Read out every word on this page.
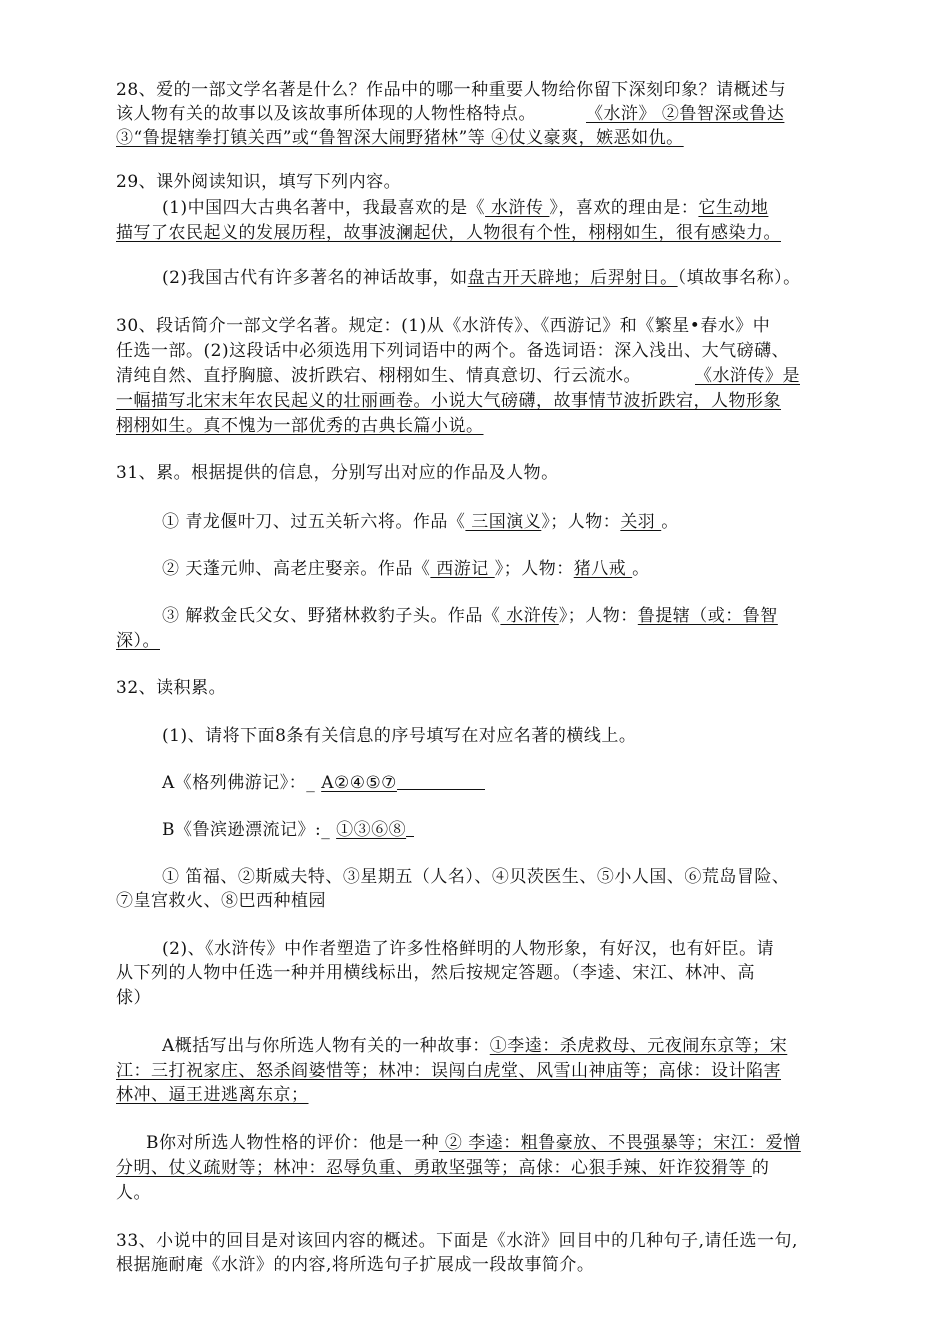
28、爱的一部文学名著是什么？作品中的哪一种重要人物给你留下深刻印象？请概述与
该人物有关的故事以及该故事所体现的人物性格特点。	《水浒》 ②鲁智深或鲁达
③“鲁提辖拳打镇关西”或“鲁智深大闹野猪林”等 ④仗义豪爽，嫉恶如仇。
29、课外阅读知识，填写下列内容。
(1)中国四大古典名著中，我最喜欢的是《 水浒传 》，喜欢的理由是：它生动地
描写了农民起义的发展历程，故事波澜起伏，人物很有个性，栩栩如生，很有感染力。
(2)我国古代有许多著名的神话故事，如盘古开天辟地；后羿射日。（填故事名称）。
30、段话简介一部文学名著。规定：(1)从《水浒传》、《西游记》和《繁星•春水》中
任选一部。(2)这段话中必须选用下列词语中的两个。备选词语：深入浅出、大气磅礴、
清纯自然、直抒胸臆、波折跌宕、栩栩如生、情真意切、行云流水。	《水浒传》是
一幅描写北宋末年农民起义的壮丽画卷。小说大气磅礴，故事情节波折跌宕，人物形象
栩栩如生。真不愧为一部优秀的古典长篇小说。
31、累。根据提供的信息，分别写出对应的作品及人物。
① 青龙偃叶刀、过五关斩六将。作品《 三国演义》；人物：关羽 。
② 天蓬元帅、高老庄娶亲。作品《 西游记 》；人物：猪八戒 。
③ 解救金氏父女、野猪林救豹子头。作品《 水浒传》；人物：鲁提辖（或：鲁智
深）。
32、读积累。
(1)、请将下面8条有关信息的序号填写在对应名著的横线上。
A《格列佛游记》：_ A②④⑤⑦
B《鲁滨逊漂流记》:_ ①③⑥⑧
① 笛福、②斯威夫特、③星期五（人名）、④贝茨医生、⑤小人国、⑥荒岛冒险、
⑦皇宫救火、⑧巴西种植园
(2)、《水浒传》中作者塑造了许多性格鲜明的人物形象，有好汉，也有奸臣。请
从下列的人物中任选一种并用横线标出，然后按规定答题。（李逵、宋江、林冲、高
俅）
A概括写出与你所选人物有关的一种故事：①李逵：杀虎救母、元夜闹东京等；宋
江：三打祝家庄、怒杀阎婆惜等；林冲：误闯白虎堂、风雪山神庙等；高俅：设计陷害
林冲、逼王进逃离东京；
B你对所选人物性格的评价：他是一种 ② 李逵：粗鲁豪放、不畏强暴等；宋江：爱憎
分明、仗义疏财等；林冲：忍辱负重、勇敢坚强等；高俅：心狠手辣、奸诈狡猾等 的
人。
33、小说中的回目是对该回内容的概述。下面是《水浒》回目中的几种句子,请任选一句,
根据施耐庵《水浒》的内容,将所选句子扩展成一段故事简介。
